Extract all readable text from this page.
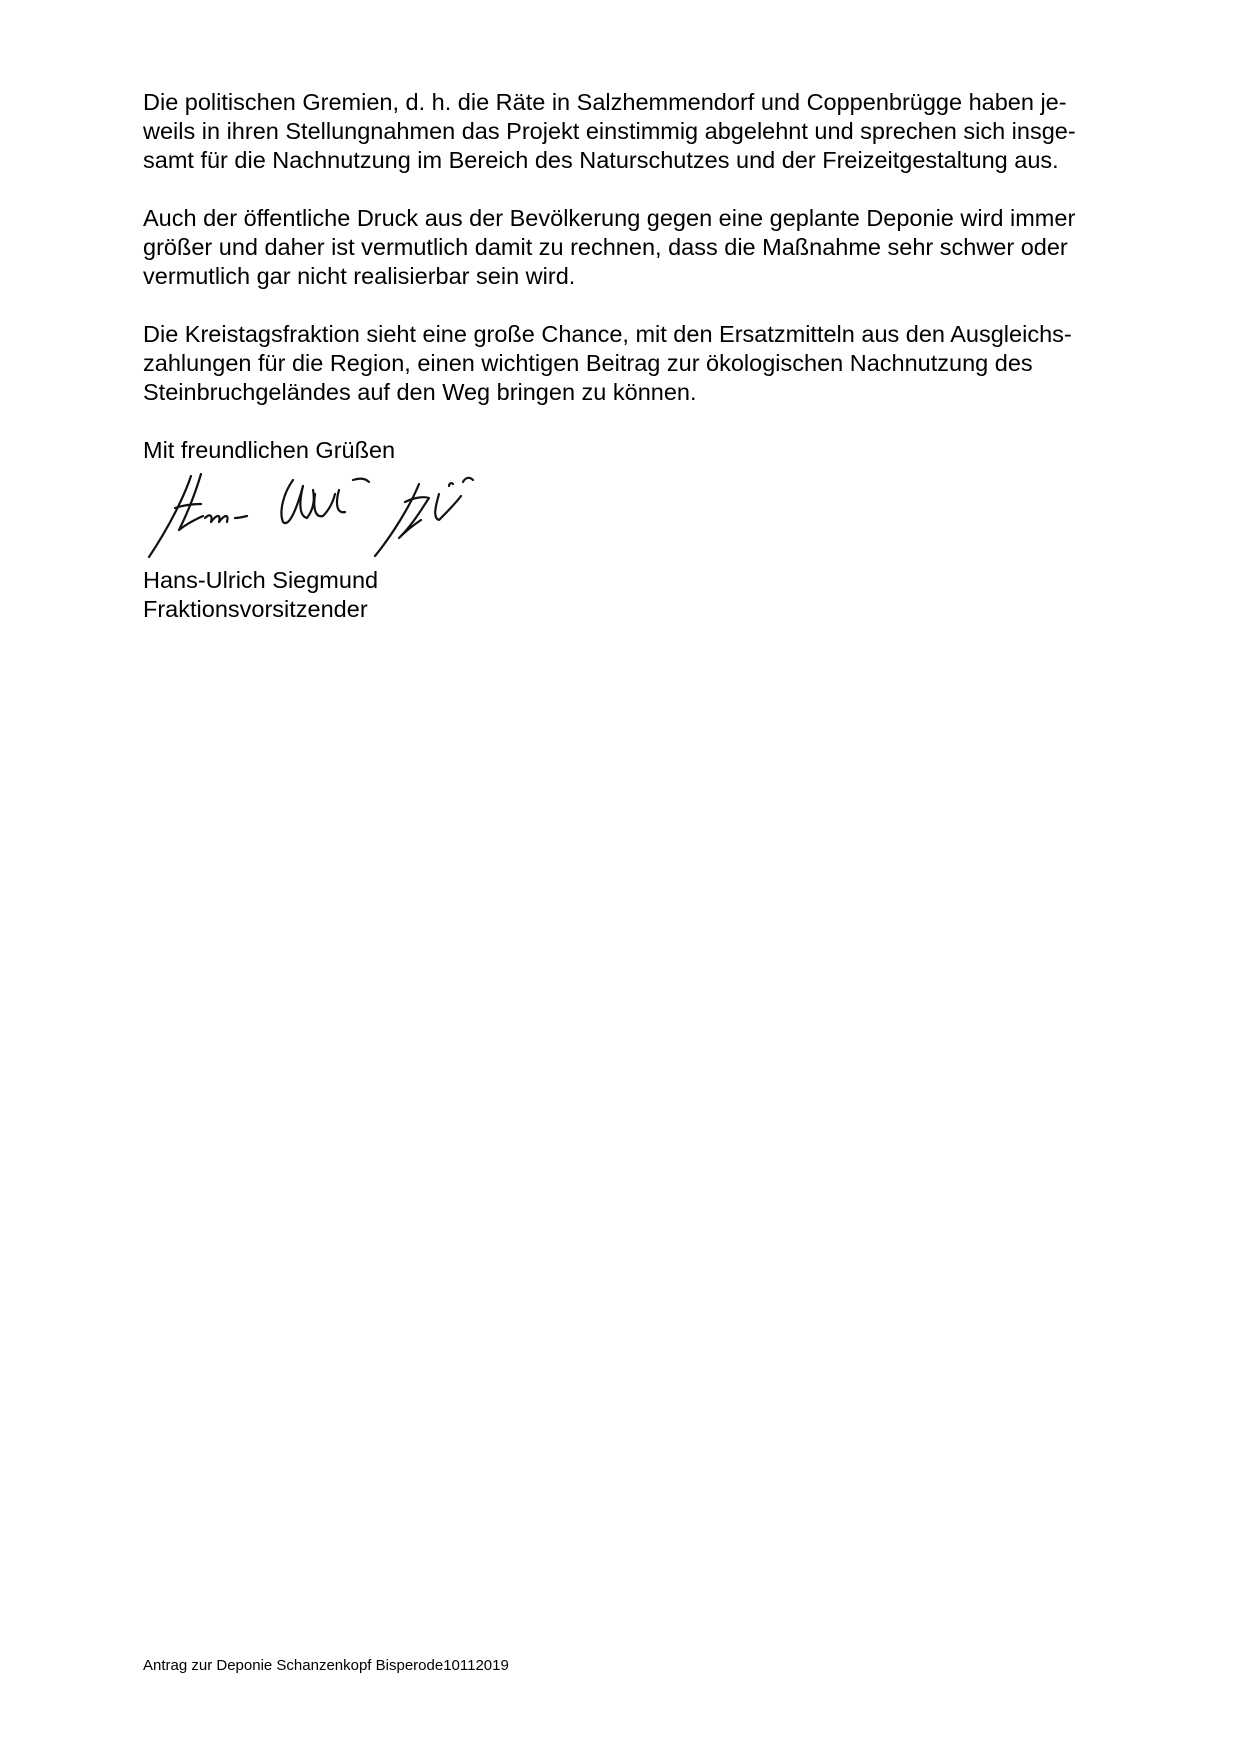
Die politischen Gremien, d. h. die Räte in Salzhemmendorf und Coppenbrügge haben je-
weils in ihren Stellungnahmen das Projekt einstimmig abgelehnt und sprechen sich insge-
samt für die Nachnutzung im Bereich des Naturschutzes und der Freizeitgestaltung aus.

Auch der öffentliche Druck aus der Bevölkerung gegen eine geplante Deponie wird immer
größer und daher ist vermutlich damit zu rechnen, dass die Maßnahme sehr schwer oder
vermutlich gar nicht realisierbar sein wird.

Die Kreistagsfraktion sieht eine große Chance, mit den Ersatzmitteln aus den Ausgleichs-
zahlungen für die Region, einen wichtigen Beitrag zur ökologischen Nachnutzung des
Steinbruchgeländes auf den Weg bringen zu können.

Mit freundlichen Grüßen

Hans-Ulrich Siegmund
Fraktionsvorsitzender
Antrag zur Deponie Schanzenkopf Bisperode10112019
